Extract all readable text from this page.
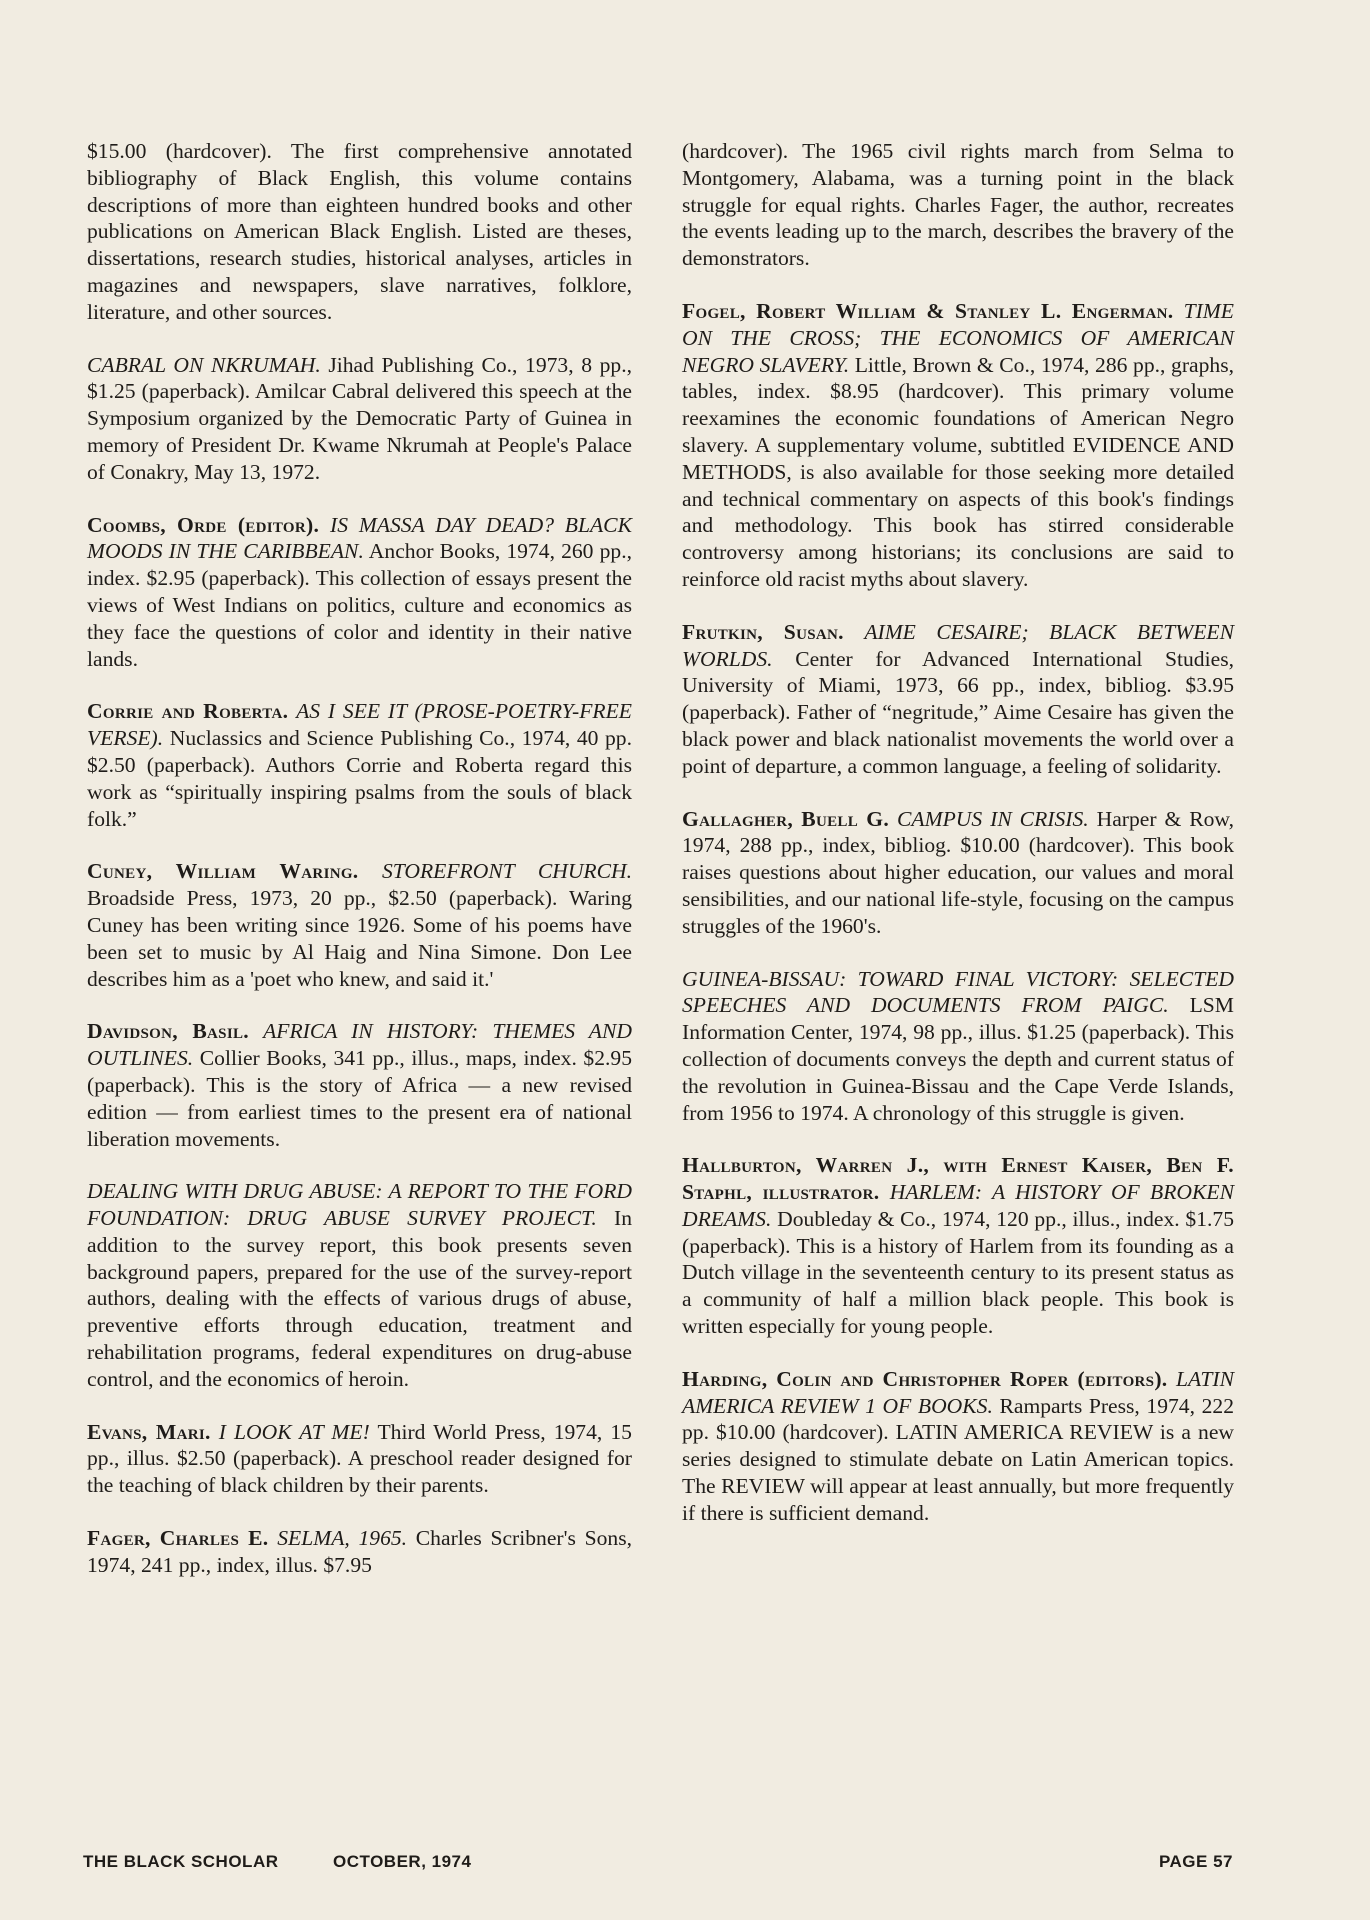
$15.00 (hardcover). The first comprehensive annotated bibliography of Black English, this volume contains descriptions of more than eighteen hundred books and other publications on American Black English. Listed are theses, dissertations, research studies, historical analyses, articles in magazines and newspapers, slave narratives, folklore, literature, and other sources.

CABRAL ON NKRUMAH. Jihad Publishing Co., 1973, 8 pp., $1.25 (paperback). Amilcar Cabral delivered this speech at the Symposium organized by the Democratic Party of Guinea in memory of President Dr. Kwame Nkrumah at People's Palace of Conakry, May 13, 1972.

Coombs, Orde (editor). IS MASSA DAY DEAD? BLACK MOODS IN THE CARIBBEAN. Anchor Books, 1974, 260 pp., index. $2.95 (paperback). This collection of essays present the views of West Indians on politics, culture and economics as they face the questions of color and identity in their native lands.

Corrie and Roberta. AS I SEE IT (PROSE-POETRY-FREE VERSE). Nuclassics and Science Publishing Co., 1974, 40 pp. $2.50 (paperback). Authors Corrie and Roberta regard this work as “spiritually inspiring psalms from the souls of black folk.”

Cuney, William Waring. STOREFRONT CHURCH. Broadside Press, 1973, 20 pp., $2.50 (paperback). Waring Cuney has been writing since 1926. Some of his poems have been set to music by Al Haig and Nina Simone. Don Lee describes him as a 'poet who knew, and said it.'

Davidson, Basil. AFRICA IN HISTORY: THEMES AND OUTLINES. Collier Books, 341 pp., illus., maps, index. $2.95 (paperback). This is the story of Africa — a new revised edition — from earliest times to the present era of national liberation movements.

DEALING WITH DRUG ABUSE: A REPORT TO THE FORD FOUNDATION: DRUG ABUSE SURVEY PROJECT. In addition to the survey report, this book presents seven background papers, prepared for the use of the survey-report authors, dealing with the effects of various drugs of abuse, preventive efforts through education, treatment and rehabilitation programs, federal expenditures on drug-abuse control, and the economics of heroin.

Evans, Mari. I LOOK AT ME! Third World Press, 1974, 15 pp., illus. $2.50 (paperback). A preschool reader designed for the teaching of black children by their parents.

Fager, Charles E. SELMA, 1965. Charles Scribner's Sons, 1974, 241 pp., index, illus. $7.95

(hardcover). The 1965 civil rights march from Selma to Montgomery, Alabama, was a turning point in the black struggle for equal rights. Charles Fager, the author, recreates the events leading up to the march, describes the bravery of the demonstrators.

Fogel, Robert William & Stanley L. Engerman. TIME ON THE CROSS; THE ECONOMICS OF AMERICAN NEGRO SLAVERY. Little, Brown & Co., 1974, 286 pp., graphs, tables, index. $8.95 (hardcover). This primary volume reexamines the economic foundations of American Negro slavery. A supplementary volume, subtitled EVIDENCE AND METHODS, is also available for those seeking more detailed and technical commentary on aspects of this book's findings and methodology. This book has stirred considerable controversy among historians; its conclusions are said to reinforce old racist myths about slavery.

Frutkin, Susan. AIME CESAIRE; BLACK BETWEEN WORLDS. Center for Advanced International Studies, University of Miami, 1973, 66 pp., index, bibliog. $3.95 (paperback). Father of “negritude,” Aime Cesaire has given the black power and black nationalist movements the world over a point of departure, a common language, a feeling of solidarity.

Gallagher, Buell G. CAMPUS IN CRISIS. Harper & Row, 1974, 288 pp., index, bibliog. $10.00 (hardcover). This book raises questions about higher education, our values and moral sensibilities, and our national life-style, focusing on the campus struggles of the 1960's.

GUINEA-BISSAU: TOWARD FINAL VICTORY: SELECTED SPEECHES AND DOCUMENTS FROM PAIGC. LSM Information Center, 1974, 98 pp., illus. $1.25 (paperback). This collection of documents conveys the depth and current status of the revolution in Guinea-Bissau and the Cape Verde Islands, from 1956 to 1974. A chronology of this struggle is given.

Hallburton, Warren J., with Ernest Kaiser, Ben F. Staphl, illustrator. HARLEM: A HISTORY OF BROKEN DREAMS. Doubleday & Co., 1974, 120 pp., illus., index. $1.75 (paperback). This is a history of Harlem from its founding as a Dutch village in the seventeenth century to its present status as a community of half a million black people. This book is written especially for young people.

Harding, Colin and Christopher Roper (editors). LATIN AMERICA REVIEW 1 OF BOOKS. Ramparts Press, 1974, 222 pp. $10.00 (hardcover). LATIN AMERICA REVIEW is a new series designed to stimulate debate on Latin American topics. The REVIEW will appear at least annually, but more frequently if there is sufficient demand.

THE BLACK SCHOLAR	OCTOBER, 1974	PAGE 57
